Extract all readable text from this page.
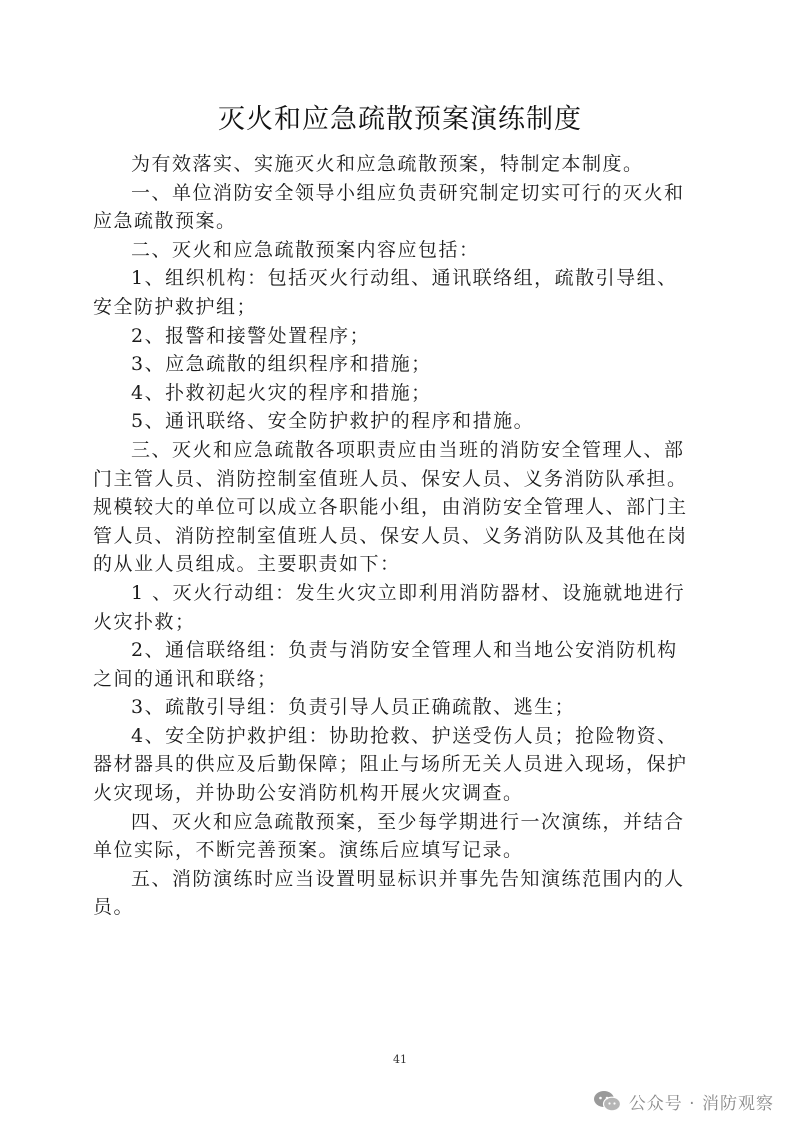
灭火和应急疏散预案演练制度
为有效落实、实施灭火和应急疏散预案，特制定本制度。
一、单位消防安全领导小组应负责研究制定切实可行的灭火和
应急疏散预案。
二、灭火和应急疏散预案内容应包括：
1、组织机构：包括灭火行动组、通讯联络组，疏散引导组、
安全防护救护组；
2、报警和接警处置程序；
3、应急疏散的组织程序和措施；
4、扑救初起火灾的程序和措施；
5、通讯联络、安全防护救护的程序和措施。
三、灭火和应急疏散各项职责应由当班的消防安全管理人、部
门主管人员、消防控制室值班人员、保安人员、义务消防队承担。
规模较大的单位可以成立各职能小组，由消防安全管理人、部门主
管人员、消防控制室值班人员、保安人员、义务消防队及其他在岗
的从业人员组成。主要职责如下：
1 、灭火行动组：发生火灾立即利用消防器材、设施就地进行
火灾扑救；
2、通信联络组：负责与消防安全管理人和当地公安消防机构
之间的通讯和联络；
3、疏散引导组：负责引导人员正确疏散、逃生；
4、安全防护救护组：协助抢救、护送受伤人员；抢险物资、
器材器具的供应及后勤保障；阻止与场所无关人员进入现场，保护
火灾现场，并协助公安消防机构开展火灾调查。
四、灭火和应急疏散预案，至少每学期进行一次演练，并结合
单位实际，不断完善预案。演练后应填写记录。
五、消防演练时应当设置明显标识并事先告知演练范围内的人
员。
41
公众号 · 消防观察
